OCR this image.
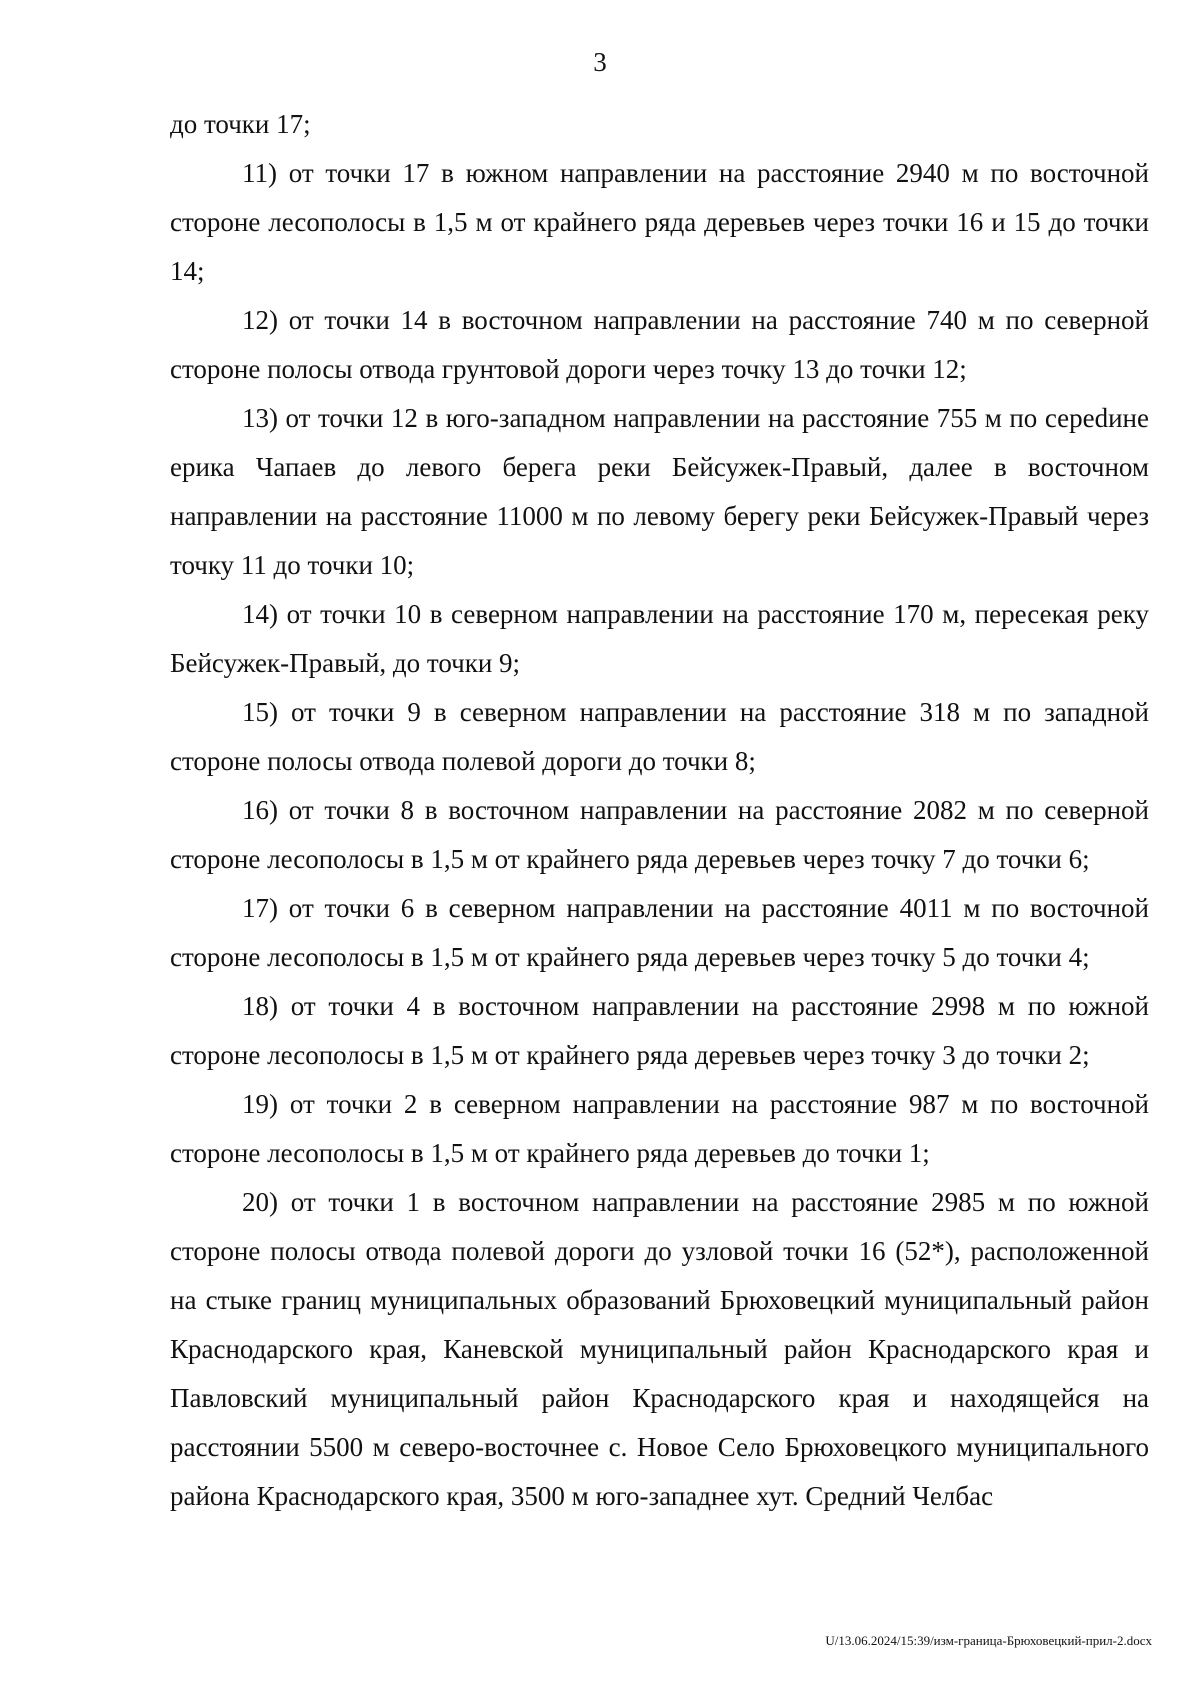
3

до точки 17;

11) от точки 17 в южном направлении на расстояние 2940 м по восточной стороне лесополосы в 1,5 м от крайнего ряда деревьев через точки 16 и 15 до точки 14;

12) от точки 14 в восточном направлении на расстояние 740 м по северной стороне полосы отвода грунтовой дороги через точку 13 до точки 12;

13) от точки 12 в юго-западном направлении на расстояние 755 м по сереdине ерика Чапаев до левого берега реки Бейсужек-Правый, далее в восточном направлении на расстояние 11000 м по левому берегу реки Бейсужек-Правый через точку 11 до точки 10;

14) от точки 10 в северном направлении на расстояние 170 м, пересекая реку Бейсужек-Правый, до точки 9;

15) от точки 9 в северном направлении на расстояние 318 м по западной стороне полосы отвода полевой дороги до точки 8;

16) от точки 8 в восточном направлении на расстояние 2082 м по северной стороне лесополосы в 1,5 м от крайнего ряда деревьев через точку 7 до точки 6;

17) от точки 6 в северном направлении на расстояние 4011 м по восточной стороне лесополосы в 1,5 м от крайнего ряда деревьев через точку 5 до точки 4;

18) от точки 4 в восточном направлении на расстояние 2998 м по южной стороне лесополосы в 1,5 м от крайнего ряда деревьев через точку 3 до точки 2;

19) от точки 2 в северном направлении на расстояние 987 м по восточной стороне лесополосы в 1,5 м от крайнего ряда деревьев до точки 1;

20) от точки 1 в восточном направлении на расстояние 2985 м по южной стороне полосы отвода полевой дороги до узловой точки 16 (52*), расположенной на стыке границ муниципальных образований Брюховецкий муниципальный район Краснодарского края, Каневской муниципальный район Краснодарского края и Павловский муниципальный район Краснодарского края и находящейся на расстоянии 5500 м северо-восточнее с. Новое Село Брюховецкого муниципального района Краснодарского края, 3500 м юго-западнее хут. Средний Челбас

U/13.06.2024/15:39/изм-граница-Брюховецкий-прил-2.docx
